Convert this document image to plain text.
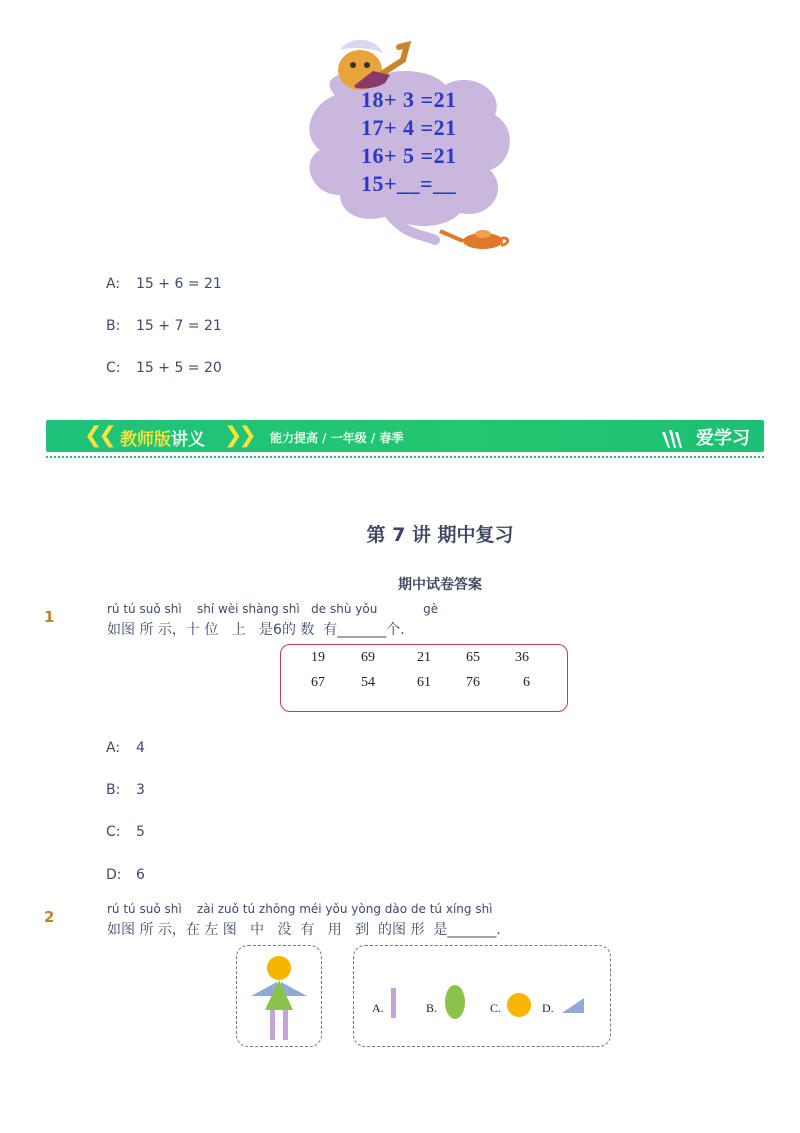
18+ 3 =21
17+ 4 =21
16+ 5 =21
15+__=__
A: 15 + 6 = 21
B: 15 + 7 = 21
C: 15 + 5 = 20
❮❮ 教师版讲义 ❯❯ 能力提高 / 一年级 / 春季	爱学习
第 7 讲 期中复习
期中试卷答案
1	rú tú suǒ shì    shí wèi shàng shì   de shù yǒu            gè
如图 所 示，十 位   上   是6的 数  有_______个.
19	69	21	65	36
67	54	61	76	6
A: 4
B: 3
C: 5
D: 6
2	rú tú suǒ shì    zài zuǒ tú zhōng méi yǒu yòng dào de tú xíng shì
如图 所 示，在 左 图   中   没  有   用   到  的图 形  是_______.
A.	B.	C.	D.
